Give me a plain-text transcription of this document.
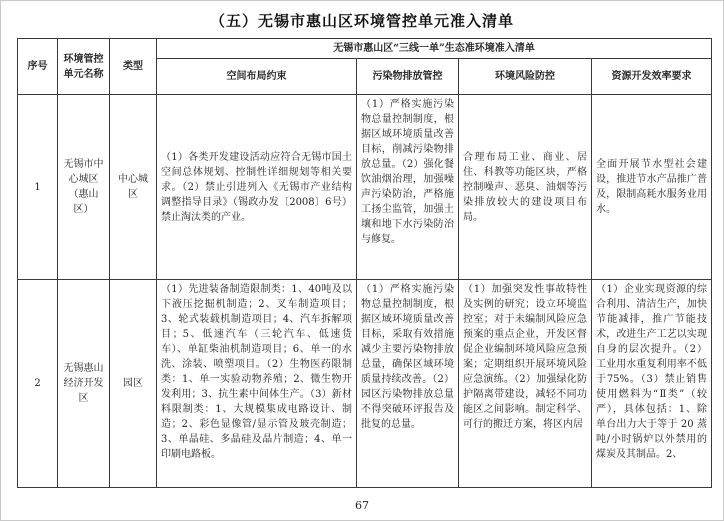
（五）无锡市惠山区环境管控单元准入清单
序号	环境管控单元名称	类型	无锡市惠山区“三线一单”生态准环境准入清单			
			空间布局约束	污染物排放管控	环境风险防控	资源开发效率要求
1	无锡市中心城区（惠山区）	中心城区	（1）各类开发建设活动应符合无锡市国土空间总体规划、控制性详细规划等相关要求。（2）禁止引进列入《无锡市产业结构调整指导目录》（锡政办发〔2008〕6号）禁止淘汰类的产业。	（1）严格实施污染物总量控制制度，根据区域环境质量改善目标，削减污染物排放总量。（2）强化餐饮油烟治理，加强噪声污染防治，严格施工扬尘监管，加强土壤和地下水污染防治与修复。	合理布局工业、商业、居住、科教等功能区块，严格控制噪声、恶臭、油烟等污染排放较大的建设项目布局。	全面开展节水型社会建设，推进节水产品推广普及，限制高耗水服务业用水。
2	无锡惠山经济开发区	园区	（1）先进装备制造限制类：1、40吨及以下液压挖掘机制造；2、叉车制造项目；3、轮式装载机制造项目；4、汽车拆解项目；5、低速汽车（三轮汽车、低速货车）、单缸柴油机制造项目；6、单一的水洗、涂装、喷塑项目。（2）生物医药限制类：1、单一实验动物养殖；2、微生物开发利用；3、抗生素中间体生产。（3）新材料限制类：1、大规模集成电路设计、制造；2、彩色显像管/显示管及玻壳制造；3、单晶硅、多晶硅及晶片制造；4、单一印刷电路板。	（1）严格实施污染物总量控制制度，根据区域环境质量改善目标，采取有效措施减少主要污染物排放总量，确保区域环境质量持续改善。（2）园区污染物排放总量不得突破环评报告及批复的总量。	（1）加强突发性事故特性及实例的研究；设立环境监控室；对于未编制风险应急预案的重点企业，开发区督促企业编制环境风险应急预案；定期组织开展环境风险应急演练。（2）加强绿化防护隔离带建设，减轻不同功能区之间影响。制定科学、可行的搬迁方案，将区内居	（1）企业实现资源的综合利用、清洁生产，加快节能减排，推广节能技术，改进生产工艺以实现自身的层次提升。（2）工业用水重复利用率不低于75%。（3）禁止销售使用燃料为“Ⅱ类”（较严），具体包括：1、除单台出力大于等于 20 蒸吨/小时锅炉以外禁用的煤炭及其制品。2、
67
